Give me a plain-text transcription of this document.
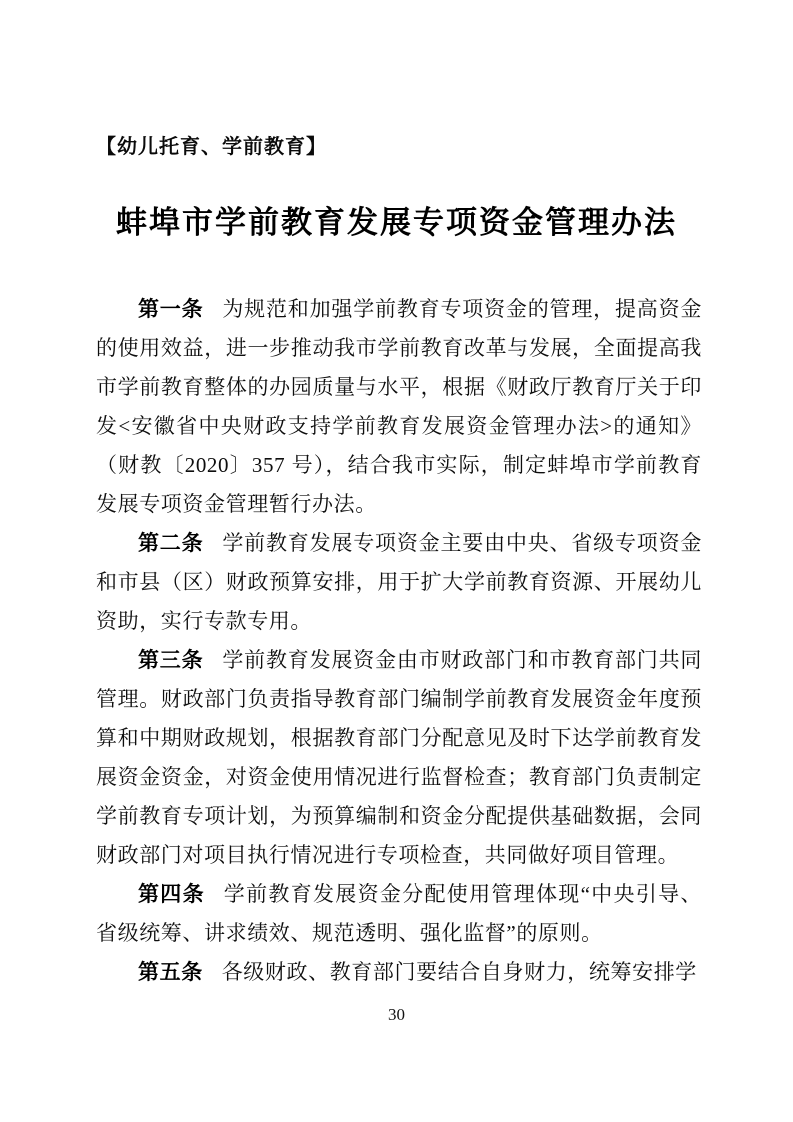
【幼儿托育、学前教育】
蚌埠市学前教育发展专项资金管理办法

第一条 为规范和加强学前教育专项资金的管理，提高资金的使用效益，进一步推动我市学前教育改革与发展，全面提高我市学前教育整体的办园质量与水平，根据《财政厅教育厅关于印发<安徽省中央财政支持学前教育发展资金管理办法>的通知》（财教〔2020〕357 号），结合我市实际，制定蚌埠市学前教育发展专项资金管理暂行办法。

第二条 学前教育发展专项资金主要由中央、省级专项资金和市县（区）财政预算安排，用于扩大学前教育资源、开展幼儿资助，实行专款专用。

第三条 学前教育发展资金由市财政部门和市教育部门共同管理。财政部门负责指导教育部门编制学前教育发展资金年度预算和中期财政规划，根据教育部门分配意见及时下达学前教育发展资金资金，对资金使用情况进行监督检查；教育部门负责制定学前教育专项计划，为预算编制和资金分配提供基础数据，会同财政部门对项目执行情况进行专项检查，共同做好项目管理。

第四条 学前教育发展资金分配使用管理体现“中央引导、省级统筹、讲求绩效、规范透明、强化监督”的原则。

第五条 各级财政、教育部门要结合自身财力，统筹安排学

30
